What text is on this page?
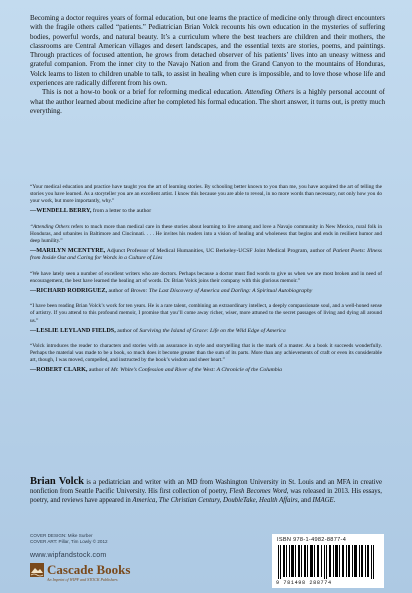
Becoming a doctor requires years of formal education, but one learns the practice of medicine only through direct encounters with the fragile others called “patients.” Pediatrician Brian Volck recounts his own education in the mysteries of suffering bodies, powerful words, and natural beauty. It’s a curriculum where the best teachers are children and their mothers, the classrooms are Central American villages and desert landscapes, and the essential texts are stories, poems, and paintings. Through practices of focused attention, he grows from detached observer of his patients’ lives into an uneasy witness and grateful companion. From the inner city to the Navajo Nation and from the Grand Canyon to the mountains of Honduras, Volck learns to listen to children unable to talk, to assist in healing when cure is impossible, and to love those whose life and experiences are radically different from his own.

This is not a how-to book or a brief for reforming medical education. Attending Others is a highly personal account of what the author learned about medicine after he completed his formal education. The short answer, it turns out, is pretty much everything.

“Your medical education and practice have taught you the art of learning stories. By schooling better known to you than me, you have acquired the art of telling the stories you have learned. As a storyteller you are an excellent artist. I know this because you are able to reveal, in no more words than necessary, not only how you do your work, but more importantly, why.”

—WENDELL BERRY, from a letter to the author

“Attending Others refers to much more than medical care in these stories about learning to live among and love a Navajo community in New Mexico, rural folk in Honduras, and urbanites in Baltimore and Cincinnati. . . . He invites his readers into a vision of healing and wholeness that begins and ends in resilient humor and deep humility.”

—MARILYN MCENTYRE, Adjunct Professor of Medical Humanities, UC Berkeley-UCSF Joint Medical Program, author of Patient Poets: Illness from Inside Out and Caring for Words in a Culture of Lies

“We have lately seen a number of excellent writers who are doctors. Perhaps because a doctor must find words to give us when we are most broken and in need of encouragement, the best have learned the healing art of words. Dr. Brian Volck joins their company with this glorious memoir.”

—RICHARD RODRIGUEZ, author of Brown: The Last Discovery of America and Darling: A Spiritual Autobiography

“I have been reading Brian Volck’s work for ten years. He is a rare talent, combining an extraordinary intellect, a deeply compassionate soul, and a well-honed sense of artistry. If you attend to this profound memoir, I promise that you’ll come away richer, wiser, more attuned to the secret passages of living and dying all around us.”

—LESLIE LEYLAND FIELDS, author of Surviving the Island of Grace: Life on the Wild Edge of America

“Volck introduces the reader to characters and stories with an assurance in style and storytelling that is the mark of a master. As a book it succeeds wonderfully. Perhaps the material was made to be a book, so much does it become greater than the sum of its parts. More than any achievements of craft or even its considerable art, though, I was moved, compelled, and instructed by the book’s wisdom and sheer heart.”

—ROBERT CLARK, author of Mr. White’s Confession and River of the West: A Chronicle of the Columbia

Brian Volck is a pediatrician and writer with an MD from Washington University in St. Louis and an MFA in creative nonfiction from Seattle Pacific University. His first collection of poetry, Flesh Becomes Word, was released in 2013. His essays, poetry, and reviews have appeared in America, The Christian Century, DoubleTake, Health Affairs, and IMAGE.

COVER DESIGN: Mike Surber
COVER ART: Pillar, Tim Lowly © 2012
www.wipfandstock.com
Cascade Books
An Imprint of WIPF and STOCK Publishers
ISBN 978-1-4982-8877-4
9 781498 288774
